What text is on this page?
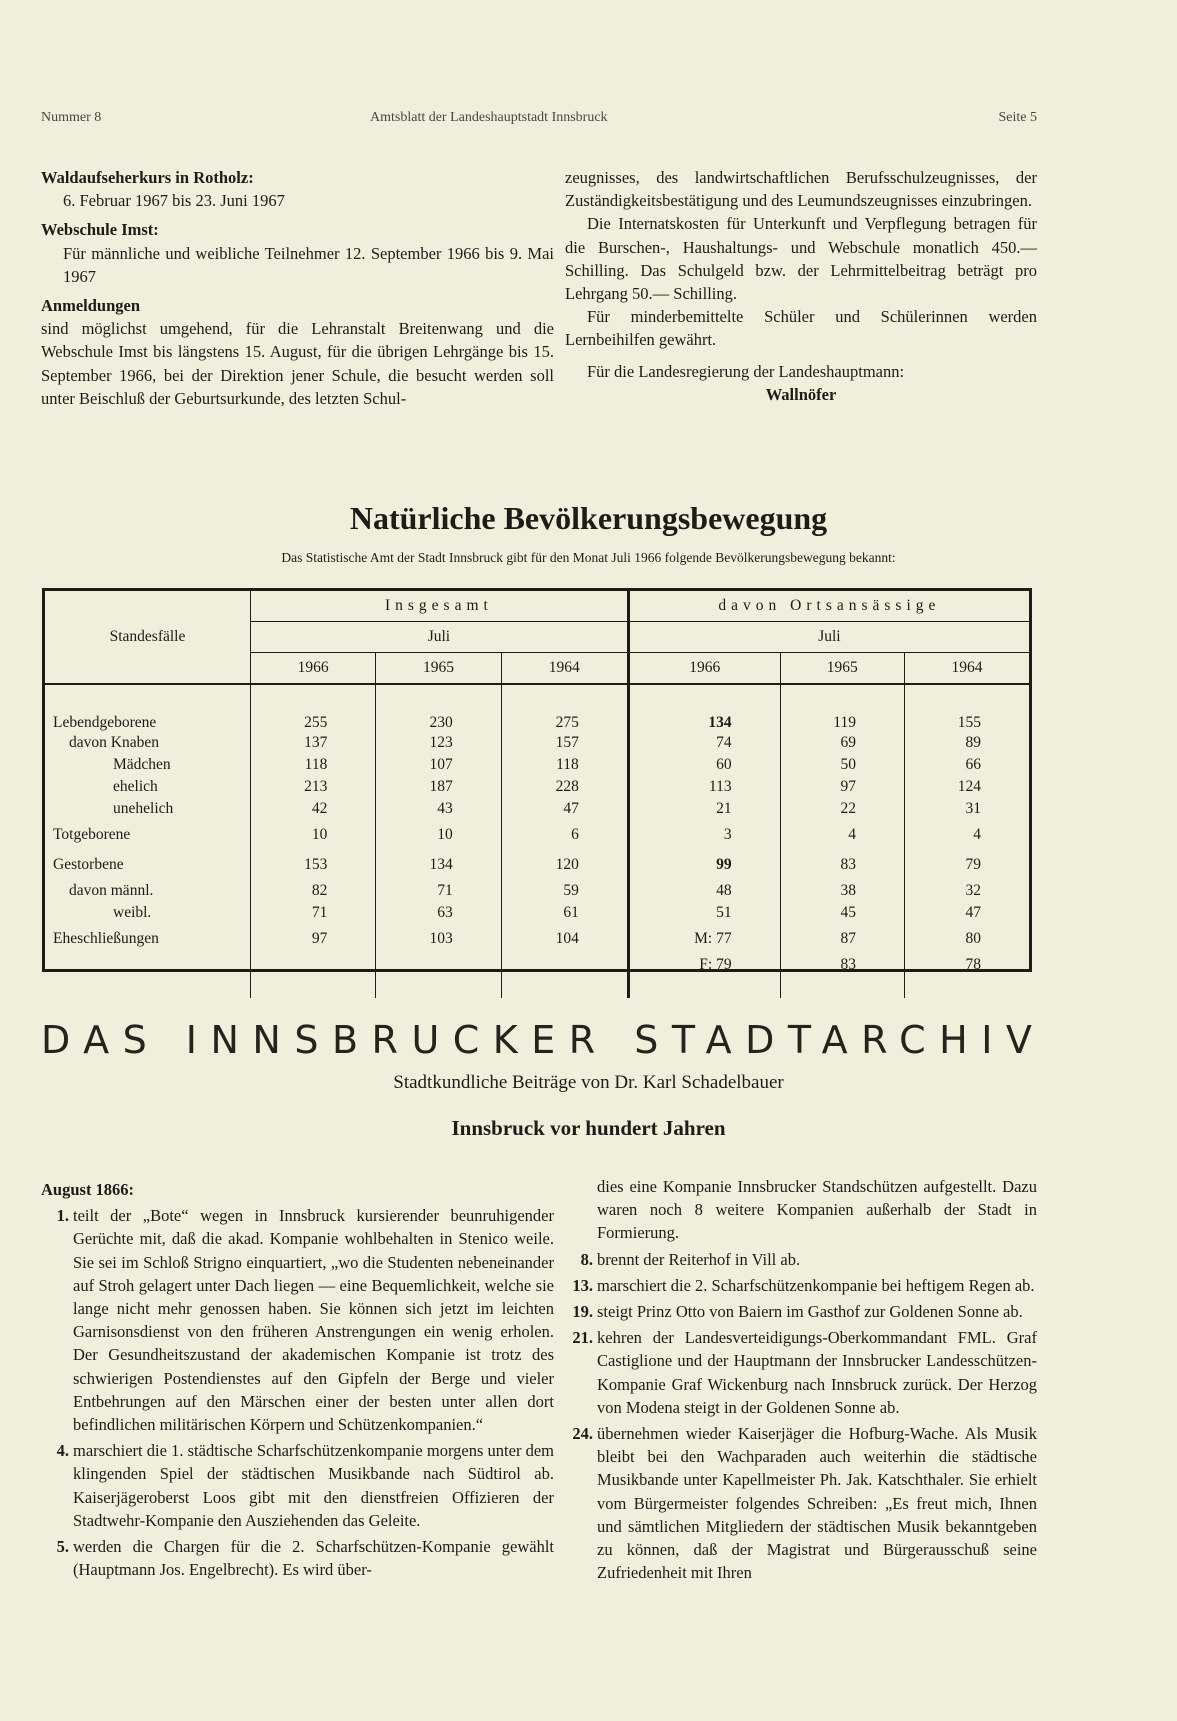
Nummer 8	Amtsblatt der Landeshauptstadt Innsbruck	Seite 5

Waldaufseherkurs in Rotholz:

6. Februar 1967 bis 23. Juni 1967

Webschule Imst:

Für männliche und weibliche Teilnehmer 12. September 1966 bis 9. Mai 1967

Anmeldungen

sind möglichst umgehend, für die Lehranstalt Breitenwang und die Webschule Imst bis längstens 15. August, für die übrigen Lehrgänge bis 15. September 1966, bei der Direktion jener Schule, die besucht werden soll unter Beischluß der Geburtsurkunde, des letzten Schul-

zeugnisses, des landwirtschaftlichen Berufsschulzeugnisses, der Zuständigkeitsbestätigung und des Leumundszeugnisses einzubringen.

Die Internatskosten für Unterkunft und Verpflegung betragen für die Burschen-, Haushaltungs- und Webschule monatlich 450.— Schilling. Das Schulgeld bzw. der Lehrmittelbeitrag beträgt pro Lehrgang 50.— Schilling.

Für minderbemittelte Schüler und Schülerinnen werden Lernbeihilfen gewährt.

Für die Landesregierung der Landeshauptmann:

Wallnöfer

Natürliche Bevölkerungsbewegung
Das Statistische Amt der Stadt Innsbruck gibt für den Monat Juli 1966 folgende Bevölkerungsbewegung bekannt:
Standesfälle	Insgesamt			davon Ortsansässige		
	Juli			Juli		
	1966	1965	1964	1966	1965	1964
Lebendgeborene	255	230	275	134	119	155
davon Knaben	137	123	157	74	69	89
Mädchen	118	107	118	60	50	66
ehelich	213	187	228	113	97	124
unehelich	42	43	47	21	22	31
Totgeborene	10	10	6	3	4	4
Gestorbene	153	134	120	99	83	79
davon männl.	82	71	59	48	38	32
weibl.	71	63	61	51	45	47
Eheschließungen	97	103	104	M: 77	87	80
				F: 79	83	78

DAS INNSBRUCKER STADTARCHIV
Stadtkundliche Beiträge von Dr. Karl Schadelbauer
Innsbruck vor hundert Jahren

August 1866:

1. teilt der „Bote“ wegen in Innsbruck kursierender beunruhigender Gerüchte mit, daß die akad. Kompanie wohlbehalten in Stenico weile. Sie sei im Schloß Strigno einquartiert, „wo die Studenten nebeneinander auf Stroh gelagert unter Dach liegen — eine Bequemlichkeit, welche sie lange nicht mehr genossen haben. Sie können sich jetzt im leichten Garnisonsdienst von den früheren Anstrengungen ein wenig erholen. Der Gesundheitszustand der akademischen Kompanie ist trotz des schwierigen Postendienstes auf den Gipfeln der Berge und vieler Entbehrungen auf den Märschen einer der besten unter allen dort befindlichen militärischen Körpern und Schützenkompanien.“

4. marschiert die 1. städtische Scharfschützenkompanie morgens unter dem klingenden Spiel der städtischen Musikbande nach Südtirol ab. Kaiserjägeroberst Loos gibt mit den dienstfreien Offizieren der Stadtwehr-Kompanie den Ausziehenden das Geleite.

5. werden die Chargen für die 2. Scharfschützen-Kompanie gewählt (Hauptmann Jos. Engelbrecht). Es wird über-

dies eine Kompanie Innsbrucker Standschützen aufgestellt. Dazu waren noch 8 weitere Kompanien außerhalb der Stadt in Formierung.

8. brennt der Reiterhof in Vill ab.

13. marschiert die 2. Scharfschützenkompanie bei heftigem Regen ab.

19. steigt Prinz Otto von Baiern im Gasthof zur Goldenen Sonne ab.

21. kehren der Landesverteidigungs-Oberkommandant FML. Graf Castiglione und der Hauptmann der Innsbrucker Landesschützen-Kompanie Graf Wickenburg nach Innsbruck zurück. Der Herzog von Modena steigt in der Goldenen Sonne ab.

24. übernehmen wieder Kaiserjäger die Hofburg-Wache. Als Musik bleibt bei den Wachparaden auch weiterhin die städtische Musikbande unter Kapellmeister Ph. Jak. Katschthaler. Sie erhielt vom Bürgermeister folgendes Schreiben: „Es freut mich, Ihnen und sämtlichen Mitgliedern der städtischen Musik bekanntgeben zu können, daß der Magistrat und Bürgerausschuß seine Zufriedenheit mit Ihren
